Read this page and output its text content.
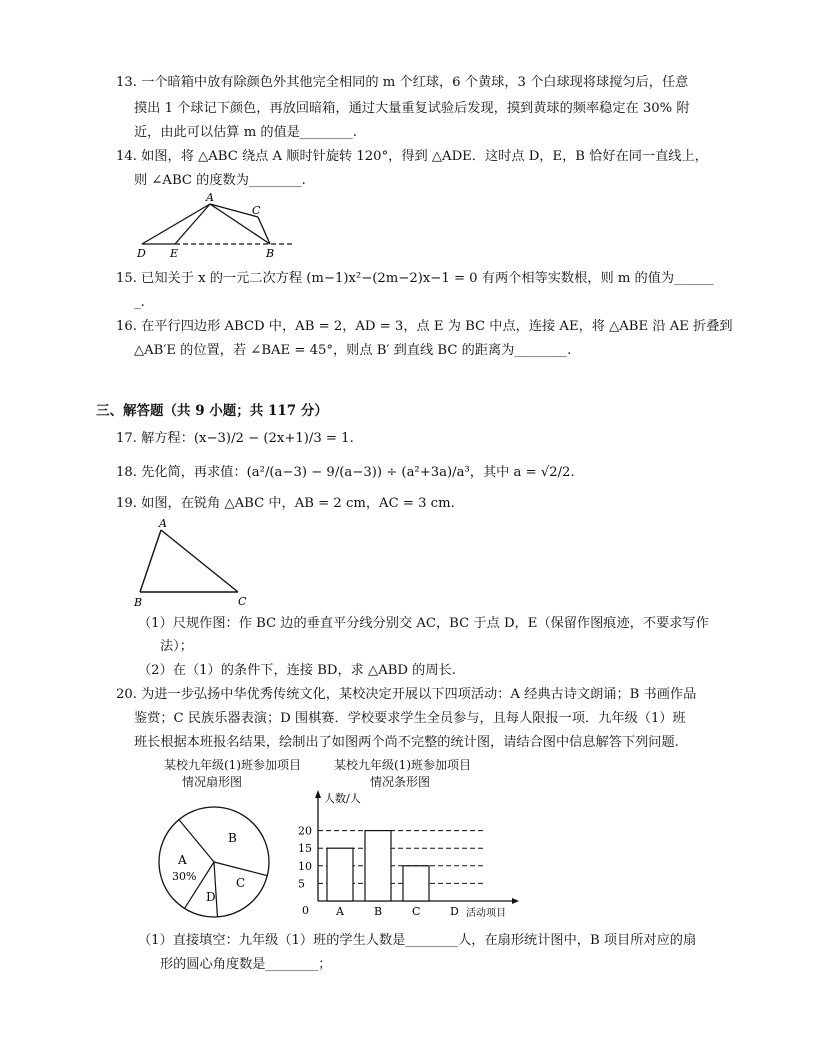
13. 一个暗箱中放有除颜色外其他完全相同的 m 个红球，6 个黄球，3 个白球现将球搅匀后，任意
摸出 1 个球记下颜色，再放回暗箱，通过大量重复试验后发现，摸到黄球的频率稳定在 30% 附
近，由此可以估算 m 的值是________.
14. 如图，将 △ABC 绕点 A 顺时针旋转 120°，得到 △ADE．这时点 D，E，B 恰好在同一直线上，
则 ∠ABC 的度数为________.
A
C
D E	B
15. 已知关于 x 的一元二次方程 (m−1)x²−(2m−2)x−1 = 0 有两个相等实数根，则 m 的值为______
_.
16. 在平行四边形 ABCD 中，AB = 2，AD = 3，点 E 为 BC 中点，连接 AE，将 △ABE 沿 AE 折叠到
△AB′E 的位置，若 ∠BAE = 45°，则点 B′ 到直线 BC 的距离为________.
三、解答题（共 9 小题；共 117 分）
17. 解方程：(x−3)/2 − (2x+1)/3 = 1.
18. 先化简，再求值：(a²/(a−3) − 9/(a−3)) ÷ (a²+3a)/a³，其中 a = √2/2.
19. 如图，在锐角 △ABC 中，AB = 2 cm，AC = 3 cm.
A
B	C
（1）尺规作图：作 BC 边的垂直平分线分别交 AC，BC 于点 D，E（保留作图痕迹，不要求写作
法）；
（2）在（1）的条件下，连接 BD，求 △ABD 的周长.
20. 为进一步弘扬中华优秀传统文化，某校决定开展以下四项活动：A 经典古诗文朗诵；B 书画作品
鉴赏；C 民族乐器表演；D 围棋赛．学校要求学生全员参与，且每人限报一项．九年级（1）班
班长根据本班报名结果，绘制出了如图两个尚不完整的统计图，请结合图中信息解答下列问题.
某校九年级(1)班参加项目
情况扇形图
A
B
C
D
30%
某校九年级(1)班参加项目
情况条形图
人数/人
活动项目
0
5
10
15
20
A	B	C	D
（1）直接填空：九年级（1）班的学生人数是________人，在扇形统计图中，B 项目所对应的扇
形的圆心角度数是________；
